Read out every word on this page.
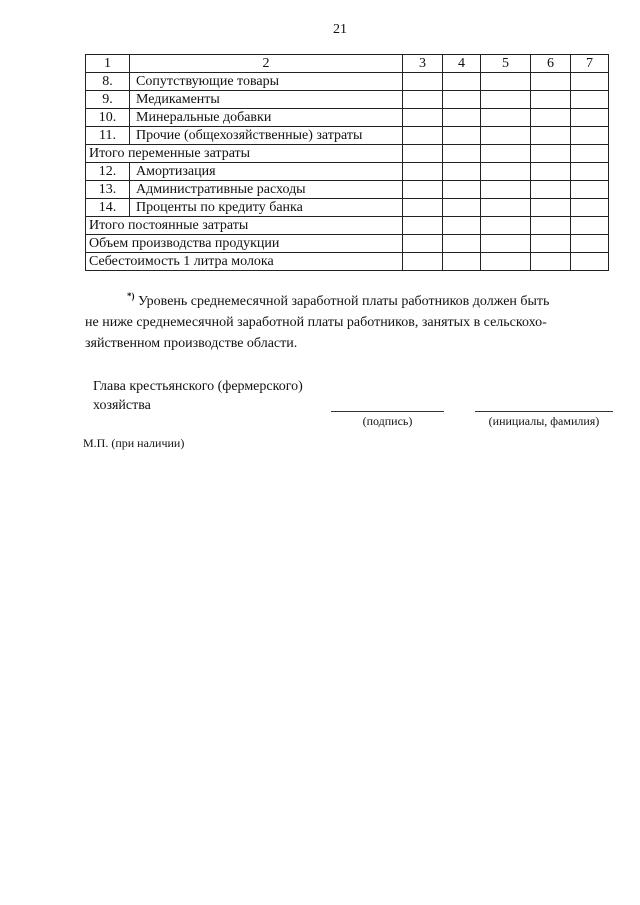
21
1	2	3	4	5	6	7
8.	Сопутствующие товары					
9.	Медикаменты					
10.	Минеральные добавки					
11.	Прочие (общехозяйственные) затраты					
Итого переменные затраты						
12.	Амортизация					
13.	Административные расходы					
14.	Проценты по кредиту банка					
Итого постоянные затраты						
Объем производства продукции						
Себестоимость 1 литра молока						
*) Уровень среднемесячной заработной платы работников должен быть
не ниже среднемесячной заработной платы работников, занятых в сельскохо-
зяйственном производстве области.
Глава крестьянского (фермерского)
хозяйства
(подпись)	(инициалы, фамилия)
М.П. (при наличии)
